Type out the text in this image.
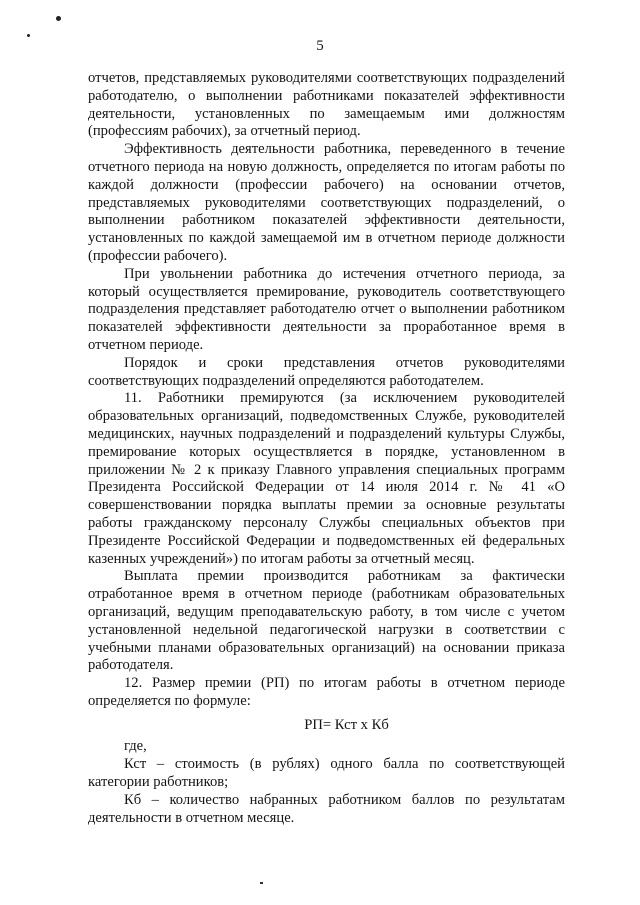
5

отчетов, представляемых руководителями соответствующих подразделений работодателю, о выполнении работниками показателей эффективности деятельности, установленных по замещаемым ими должностям (профессиям рабочих), за отчетный период.

Эффективность деятельности работника, переведенного в течение отчетного периода на новую должность, определяется по итогам работы по каждой должности (профессии рабочего) на основании отчетов, представляемых руководителями соответствующих подразделений, о выполнении работником показателей эффективности деятельности, установленных по каждой замещаемой им в отчетном периоде должности (профессии рабочего).

При увольнении работника до истечения отчетного периода, за который осуществляется премирование, руководитель соответствующего подразделения представляет работодателю отчет о выполнении работником показателей эффективности деятельности за проработанное время в отчетном периоде.

Порядок и сроки представления отчетов руководителями соответствующих подразделений определяются работодателем.

11. Работники премируются (за исключением руководителей образовательных организаций, подведомственных Службе, руководителей медицинских, научных подразделений и подразделений культуры Службы, премирование которых осуществляется в порядке, установленном в приложении № 2 к приказу Главного управления специальных программ Президента Российской Федерации от 14 июля 2014 г. № 41 «О совершенствовании порядка выплаты премии за основные результаты работы гражданскому персоналу Службы специальных объектов при Президенте Российской Федерации и подведомственных ей федеральных казенных учреждений») по итогам работы за отчетный месяц.

Выплата премии производится работникам за фактически отработанное время в отчетном периоде (работникам образовательных организаций, ведущим преподавательскую работу, в том числе с учетом установленной недельной педагогической нагрузки в соответствии с учебными планами образовательных организаций) на основании приказа работодателя.

12. Размер премии (РП) по итогам работы в отчетном периоде определяется по формуле:

РП= Кст х Кб

где,

Кст – стоимость (в рублях) одного балла по соответствующей категории работников;

Кб – количество набранных работником баллов по результатам деятельности в отчетном месяце.
